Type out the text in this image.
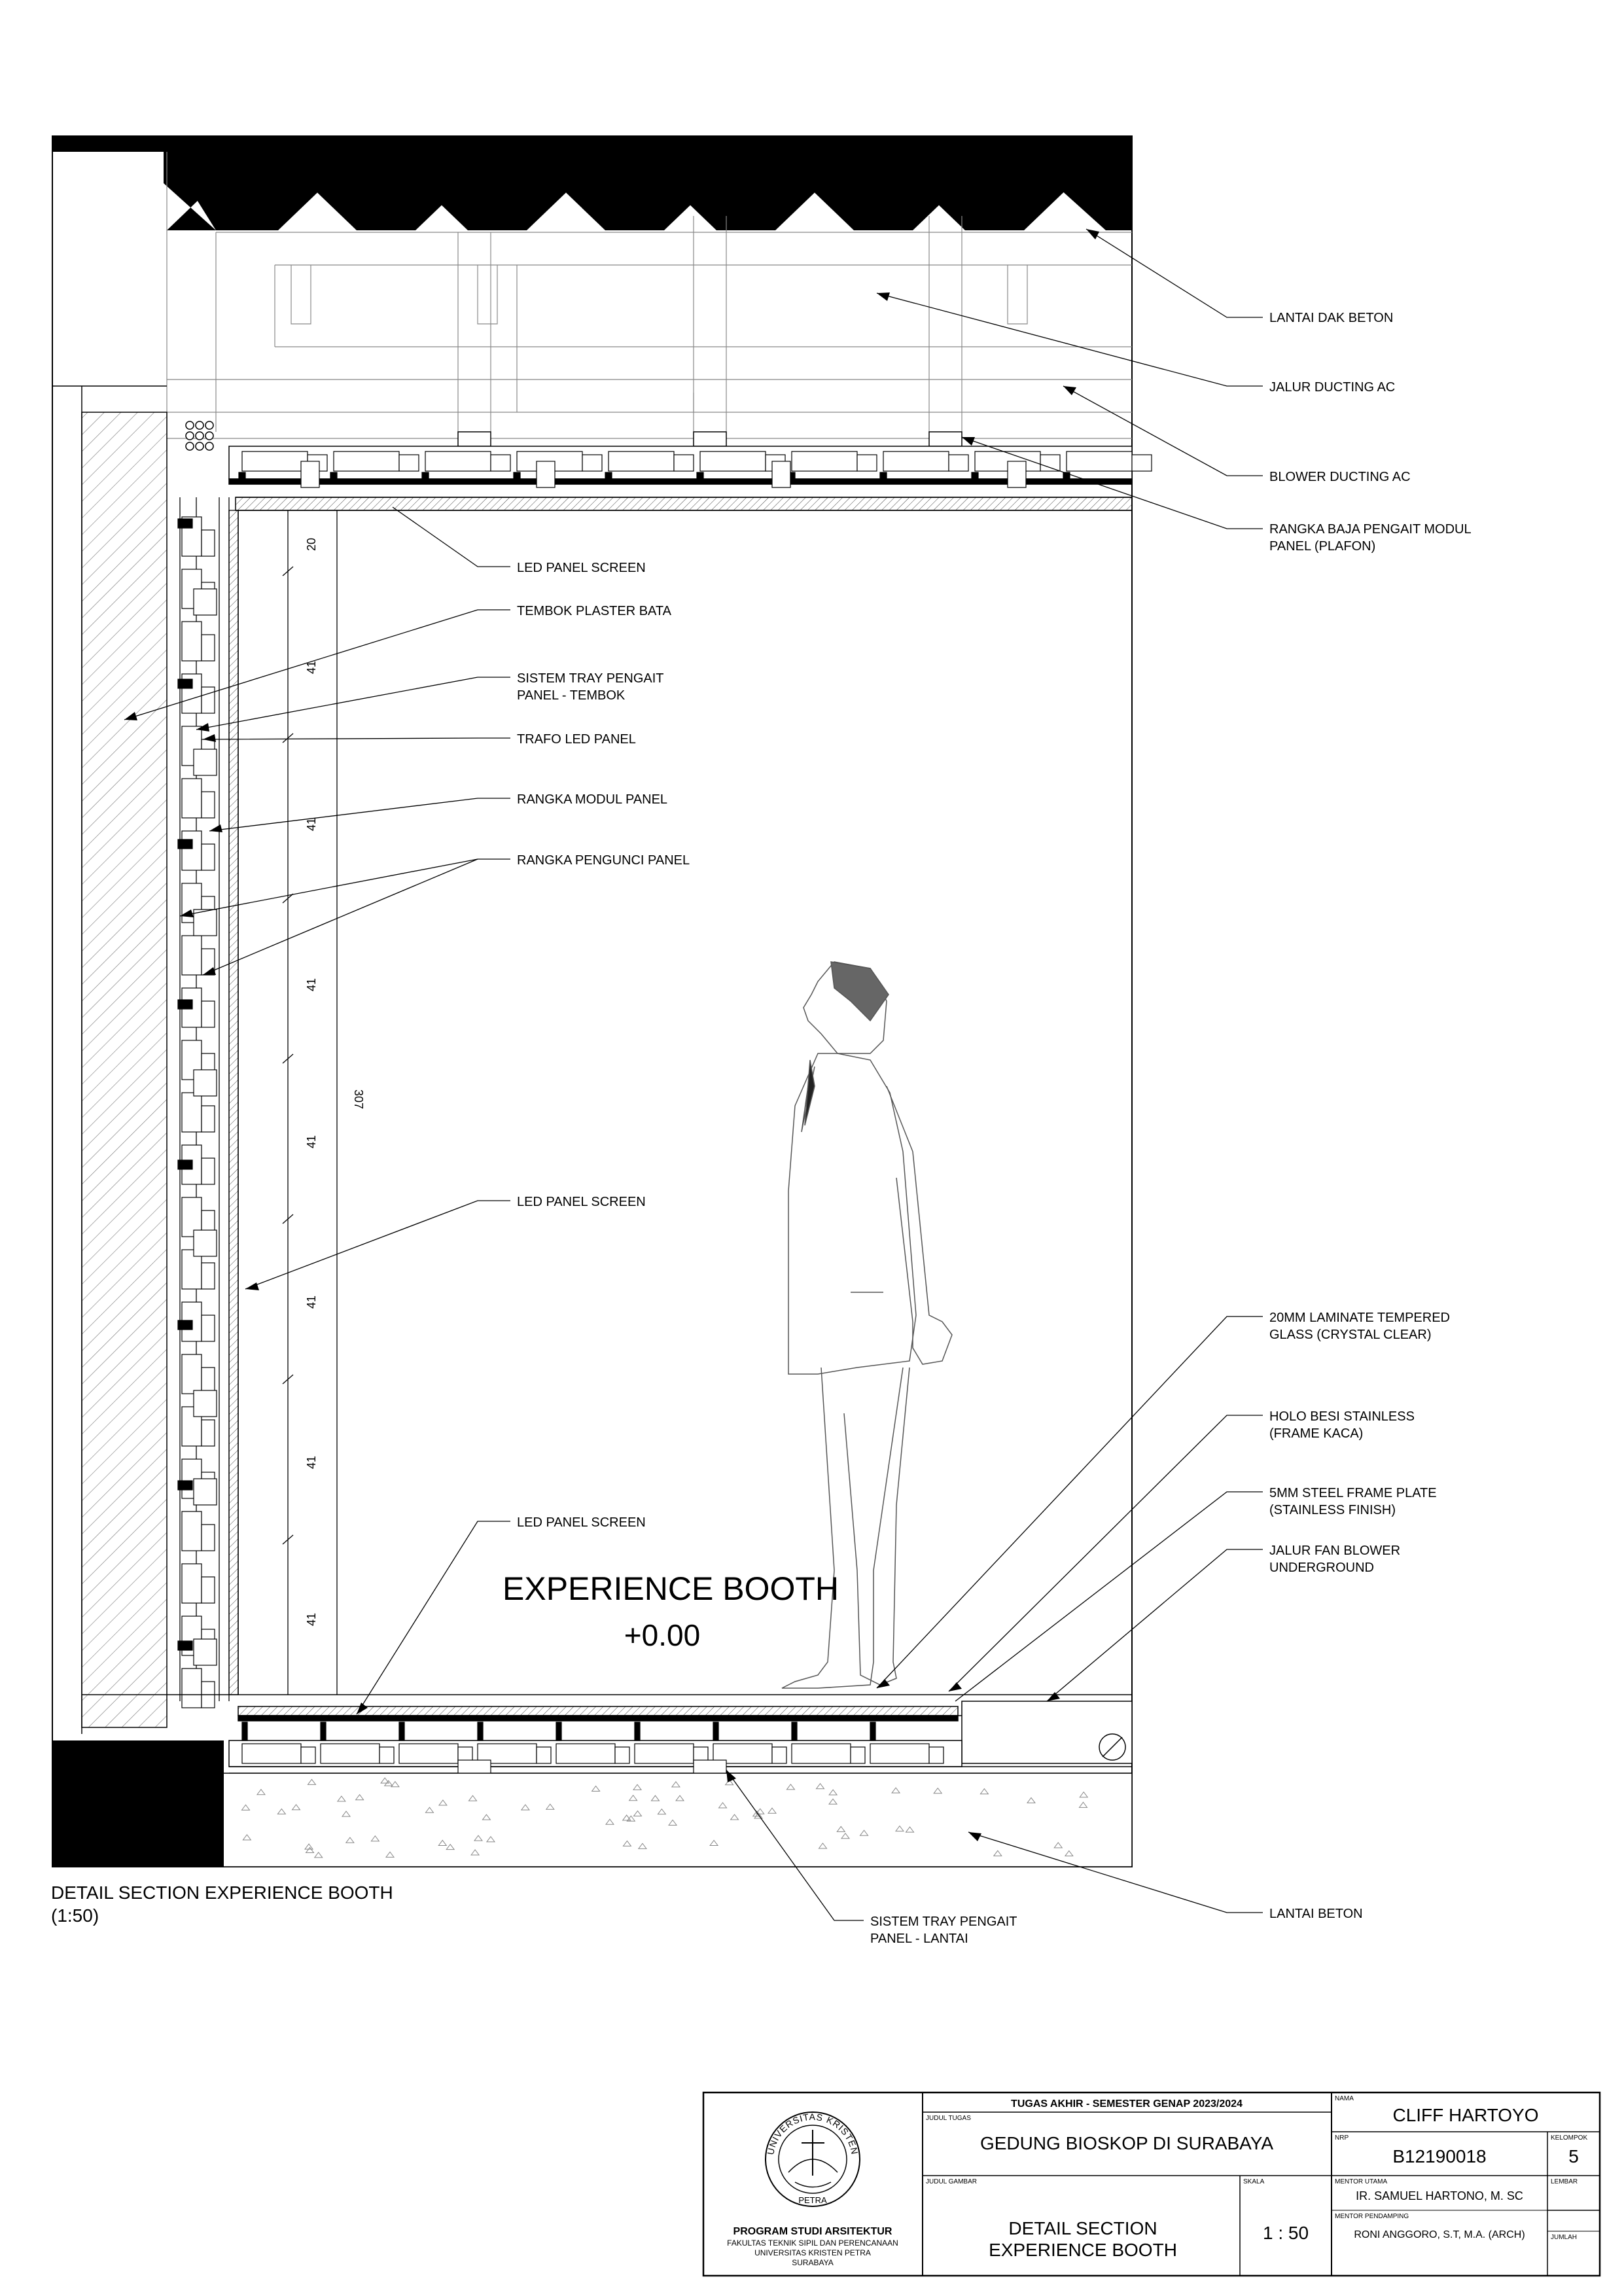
20
41
41
41
41
41
41
41
307
EXPERIENCE BOOTH
+0.00
LANTAI DAK BETON
JALUR DUCTING AC
BLOWER DUCTING AC
RANGKA BAJA PENGAIT MODUL
PANEL (PLAFON)
20MM LAMINATE TEMPERED
GLASS (CRYSTAL CLEAR)
HOLO BESI STAINLESS
(FRAME KACA)
5MM STEEL FRAME PLATE
(STAINLESS FINISH)
JALUR FAN BLOWER
UNDERGROUND
LANTAI BETON
LED PANEL SCREEN
TEMBOK PLASTER BATA
SISTEM TRAY PENGAIT
PANEL - TEMBOK
TRAFO LED PANEL
RANGKA MODUL PANEL
RANGKA PENGUNCI PANEL
LED PANEL SCREEN
LED PANEL SCREEN
SISTEM TRAY PENGAIT
PANEL - LANTAI
DETAIL SECTION EXPERIENCE BOOTH
(1:50)
UNIVERSITAS KRISTEN
PETRA
PROGRAM STUDI ARSITEKTUR
FAKULTAS TEKNIK SIPIL DAN PERENCANAAN
UNIVERSITAS KRISTEN PETRA
SURABAYA
TUGAS AKHIR - SEMESTER GENAP 2023/2024
JUDUL TUGAS
GEDUNG BIOSKOP DI SURABAYA
JUDUL GAMBAR
DETAIL SECTION
EXPERIENCE BOOTH
SKALA
1 : 50
NAMA
CLIFF HARTOYO
NRP
B12190018
KELOMPOK
5
MENTOR UTAMA
IR. SAMUEL HARTONO, M. SC
MENTOR PENDAMPING
RONI ANGGORO, S.T, M.A. (ARCH)
LEMBAR
JUMLAH
